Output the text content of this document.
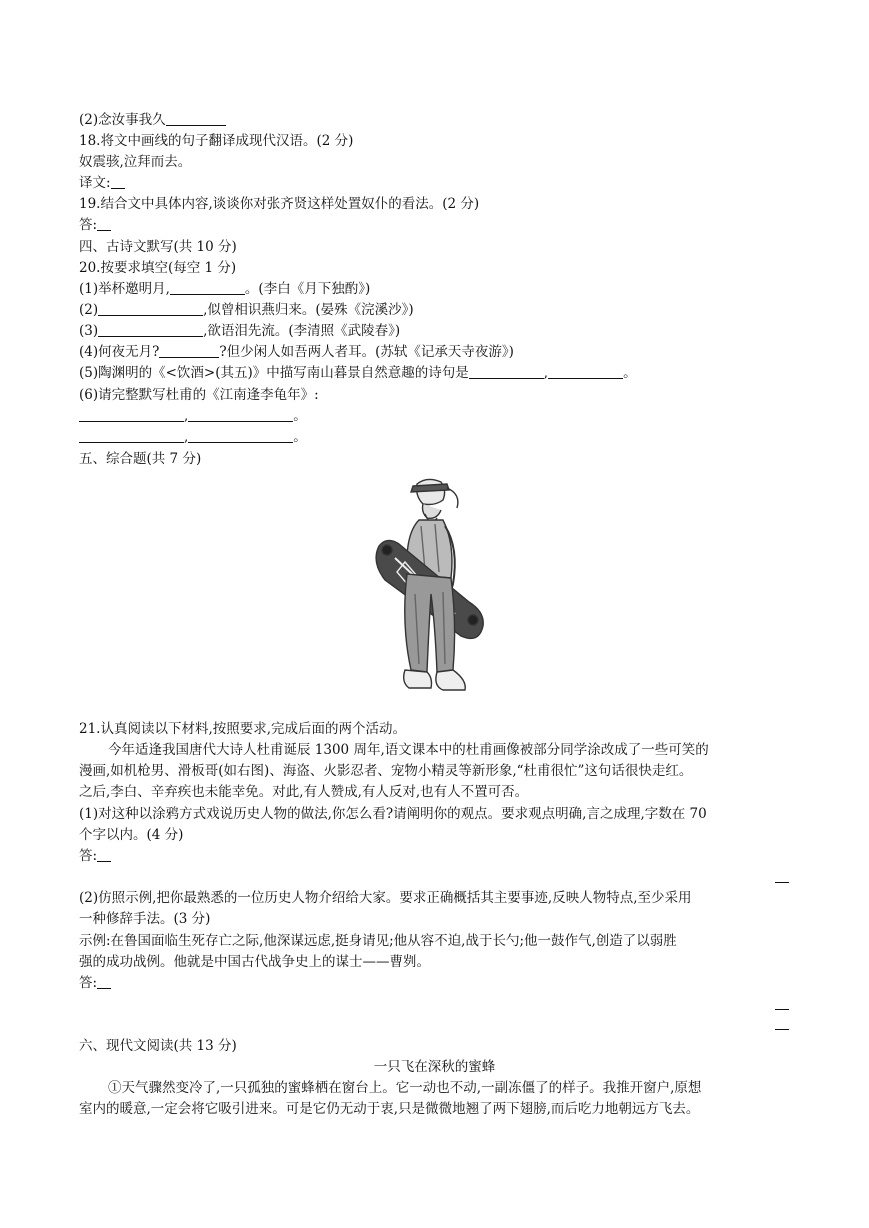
(2)念汝事我久
18.将文中画线的句子翻译成现代汉语。(2 分)
奴震骇,泣拜而去。
译文:
19.结合文中具体内容,谈谈你对张齐贤这样处置奴仆的看法。(2 分)
答:
四、古诗文默写(共 10 分)
20.按要求填空(每空 1 分)
(1)举杯邀明月,	。(李白《月下独酌》)
(2)	,似曾相识燕归来。(晏殊《浣溪沙》)
(3)	,欲语泪先流。(李清照《武陵春》)
(4)何夜无月?	?但少闲人如吾两人者耳。(苏轼《记承天寺夜游》)
(5)陶渊明的《<饮酒>(其五)》中描写南山暮景自然意趣的诗句是	,	。
(6)请完整默写杜甫的《江南逢李龟年》:
,	。
,	。
五、综合题(共 7 分)
21.认真阅读以下材料,按照要求,完成后面的两个活动。
今年适逢我国唐代大诗人杜甫诞辰 1300 周年,语文课本中的杜甫画像被部分同学涂改成了一些可笑的
漫画,如机枪男、滑板哥(如右图)、海盗、火影忍者、宠物小精灵等新形象,“杜甫很忙”这句话很快走红。
之后,李白、辛弃疾也未能幸免。对此,有人赞成,有人反对,也有人不置可否。
(1)对这种以涂鸦方式戏说历史人物的做法,你怎么看?请阐明你的观点。要求观点明确,言之成理,字数在 70
个字以内。(4 分)
答:
(2)仿照示例,把你最熟悉的一位历史人物介绍给大家。要求正确概括其主要事迹,反映人物特点,至少采用
一种修辞手法。(3 分)
示例:在鲁国面临生死存亡之际,他深谋远虑,挺身请见;他从容不迫,战于长勺;他一鼓作气,创造了以弱胜
强的成功战例。他就是中国古代战争史上的谋士——曹刿。
答:
六、现代文阅读(共 13 分)
一只飞在深秋的蜜蜂
①天气骤然变冷了,一只孤独的蜜蜂栖在窗台上。它一动也不动,一副冻僵了的样子。我推开窗户,原想
室内的暖意,一定会将它吸引进来。可是它仍无动于衷,只是微微地翘了两下翅膀,而后吃力地朝远方飞去。
